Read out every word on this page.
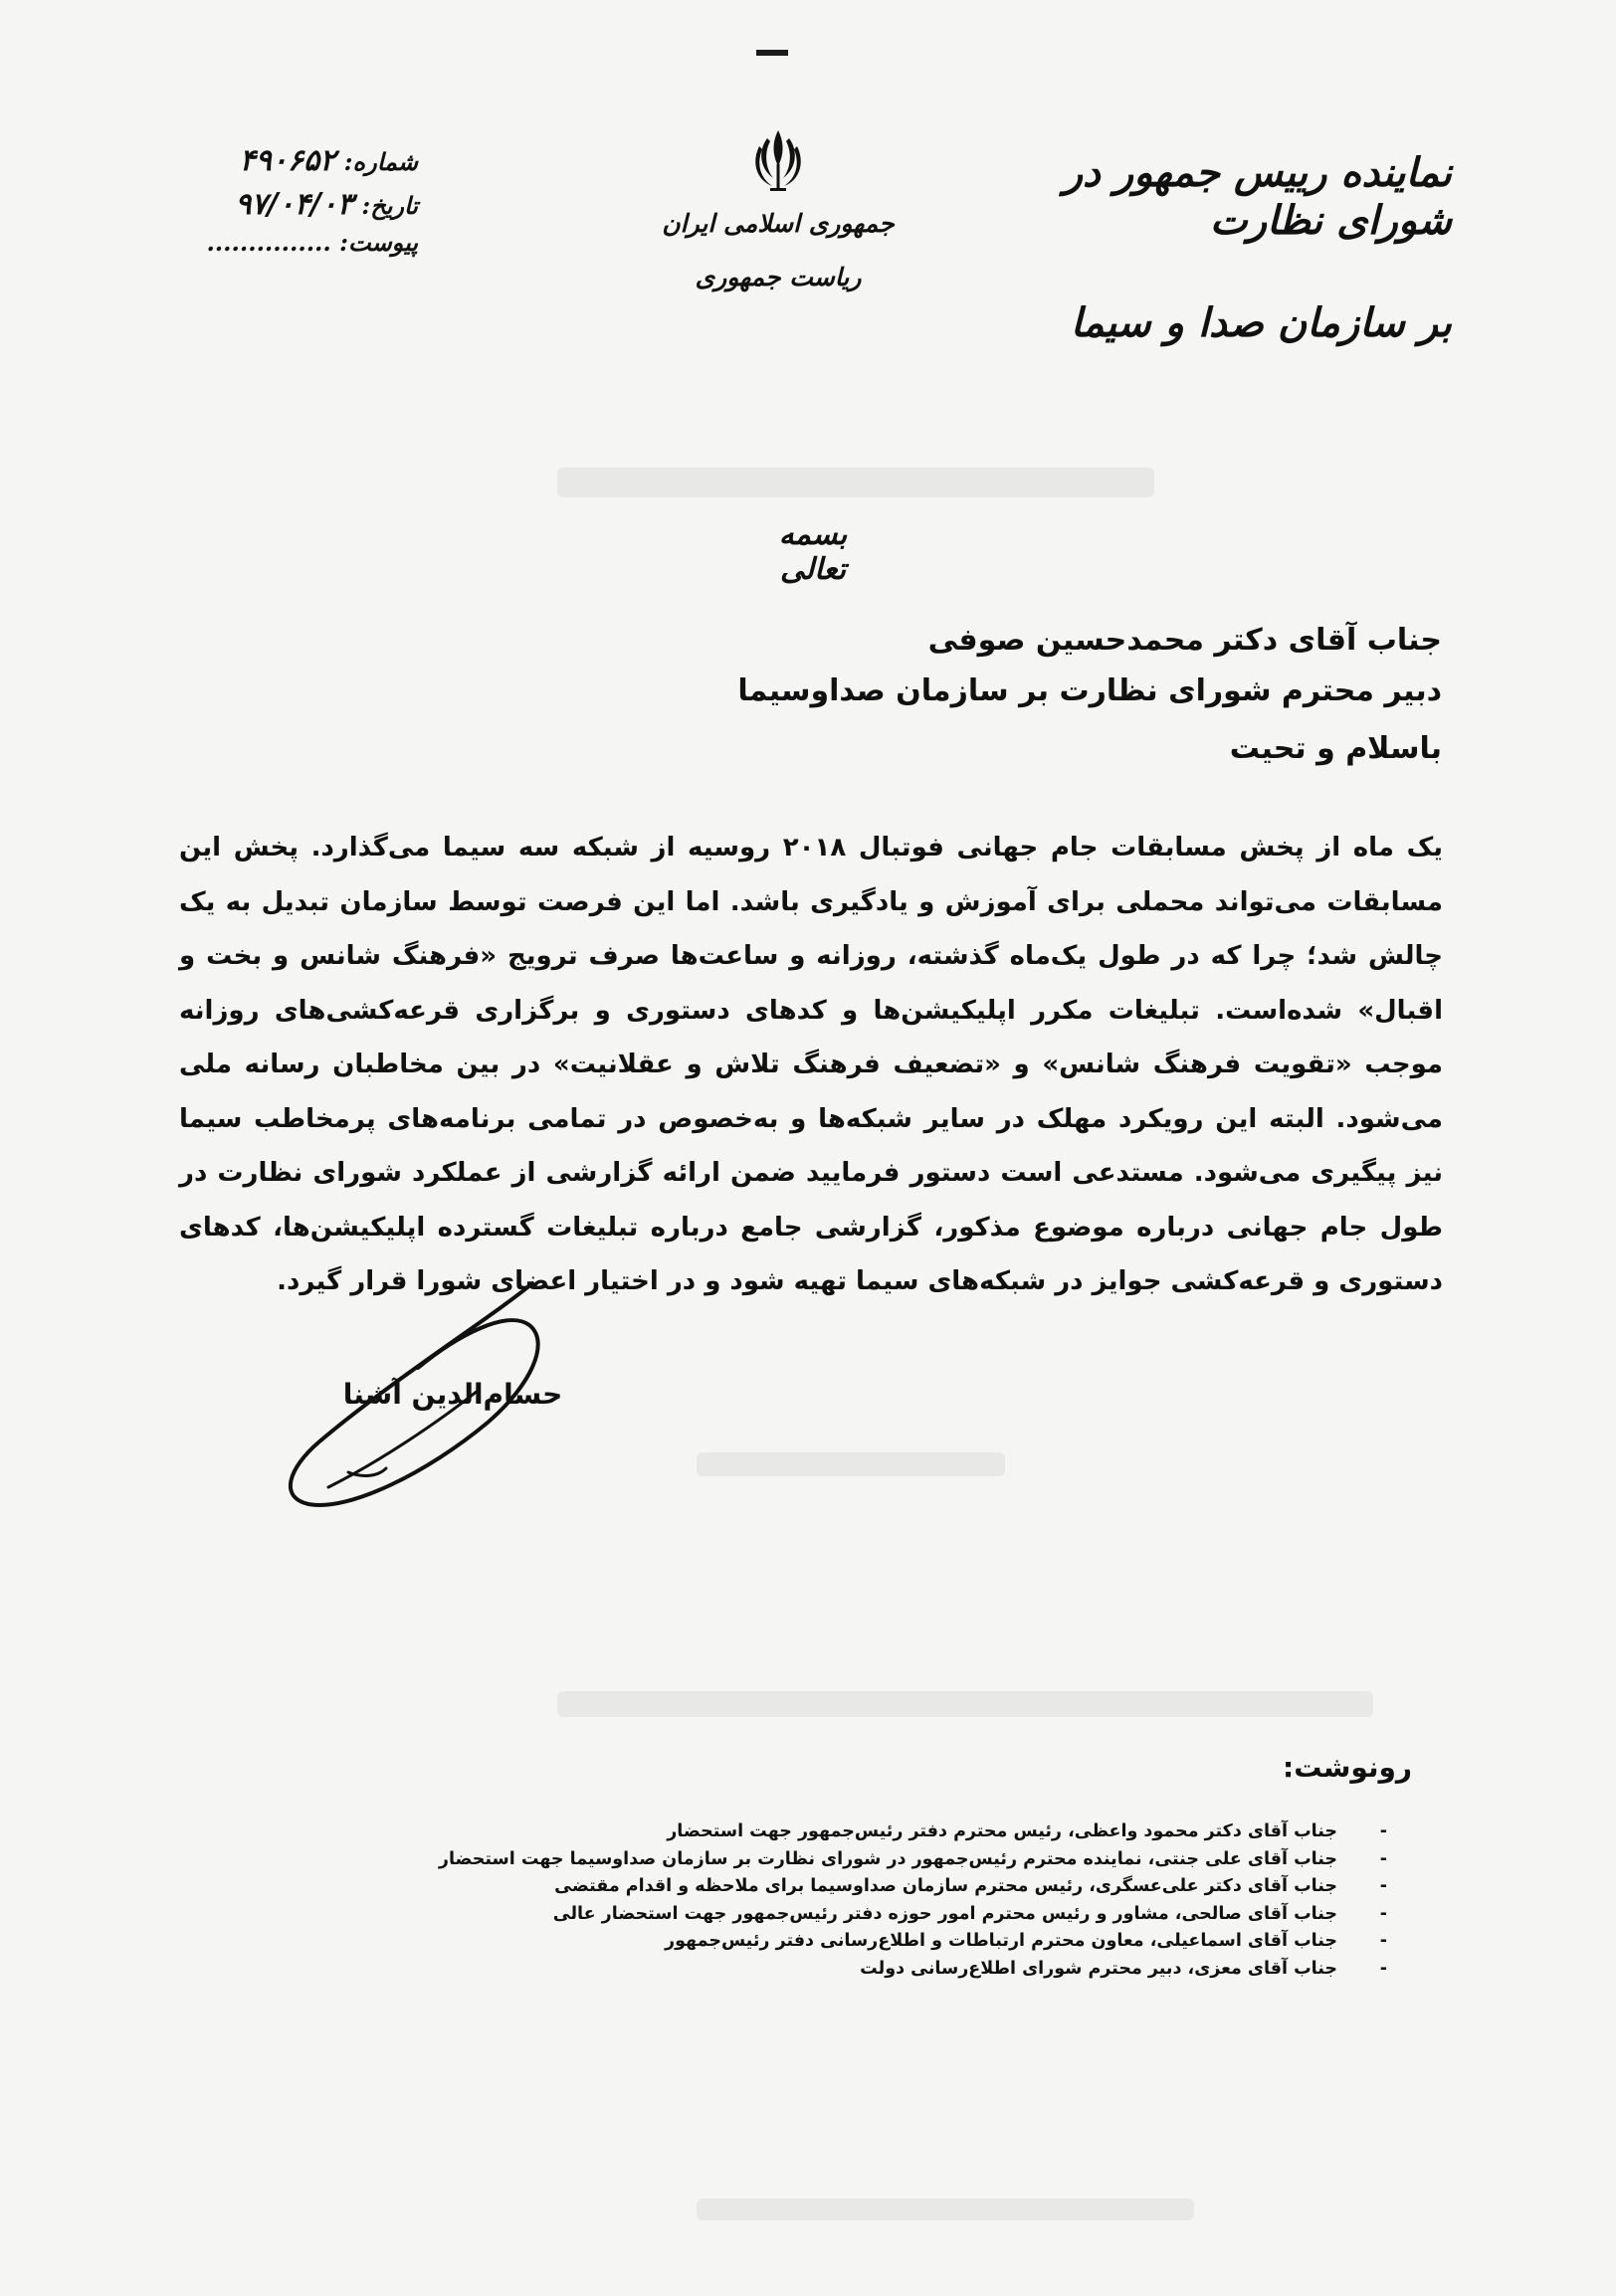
نماینده رییس جمهور در شورای نظارت
بر سازمان صدا و سیما
جمهوری اسلامی ایران
ریاست جمهوری
شماره: ۴۹۰۶۵۲
تاریخ: ۹۷/۰۴/۰۳
پیوست: ...............
بسمه تعالی
جناب آقای دکتر محمدحسین صوفی
دبیر محترم شورای نظارت بر سازمان صداوسیما
باسلام و تحیت
یک ماه از پخش مسابقات جام جهانی فوتبال ۲۰۱۸ روسیه از شبکه سه سیما می‌گذارد. پخش این مسابقات می‌تواند محملی برای آموزش و یادگیری باشد. اما این فرصت توسط سازمان تبدیل به یک چالش شد؛ چرا که در طول یک‌ماه گذشته، روزانه و ساعت‌ها صرف ترویج «فرهنگ شانس و بخت و اقبال» شده‌است. تبلیغات مکرر اپلیکیشن‌ها و کدهای دستوری و برگزاری قرعه‌کشی‌های روزانه موجب «تقویت فرهنگ شانس» و «تضعیف فرهنگ تلاش و عقلانیت» در بین مخاطبان رسانه ملی می‌شود. البته این رویکرد مهلک در سایر شبکه‌ها و به‌خصوص در تمامی برنامه‌های پرمخاطب سیما نیز پیگیری می‌شود. مستدعی است دستور فرمایید ضمن ارائه گزارشی از عملکرد شورای نظارت در طول جام جهانی درباره موضوع مذکور، گزارشی جامع درباره تبلیغات گسترده اپلیکیشن‌ها، کدهای دستوری و قرعه‌کشی جوایز در شبکه‌های سیما تهیه شود و در اختیار اعضای شورا قرار گیرد.
حسام‌الدین آشنا
رونوشت:
-
جناب آقای دکتر محمود واعظی، رئیس محترم دفتر رئیس‌جمهور جهت استحضار
-
جناب آقای علی جنتی، نماینده محترم رئیس‌جمهور در شورای نظارت بر سازمان صداوسیما جهت استحضار
-
جناب آقای دکتر علی‌عسگری، رئیس محترم سازمان صداوسیما برای ملاحظه و اقدام مقتضی
-
جناب آقای صالحی، مشاور و رئیس محترم امور حوزه دفتر رئیس‌جمهور جهت استحضار عالی
-
جناب آقای اسماعیلی، معاون محترم ارتباطات و اطلاع‌رسانی دفتر رئیس‌جمهور
-
جناب آقای معزی، دبیر محترم شورای اطلاع‌رسانی دولت
